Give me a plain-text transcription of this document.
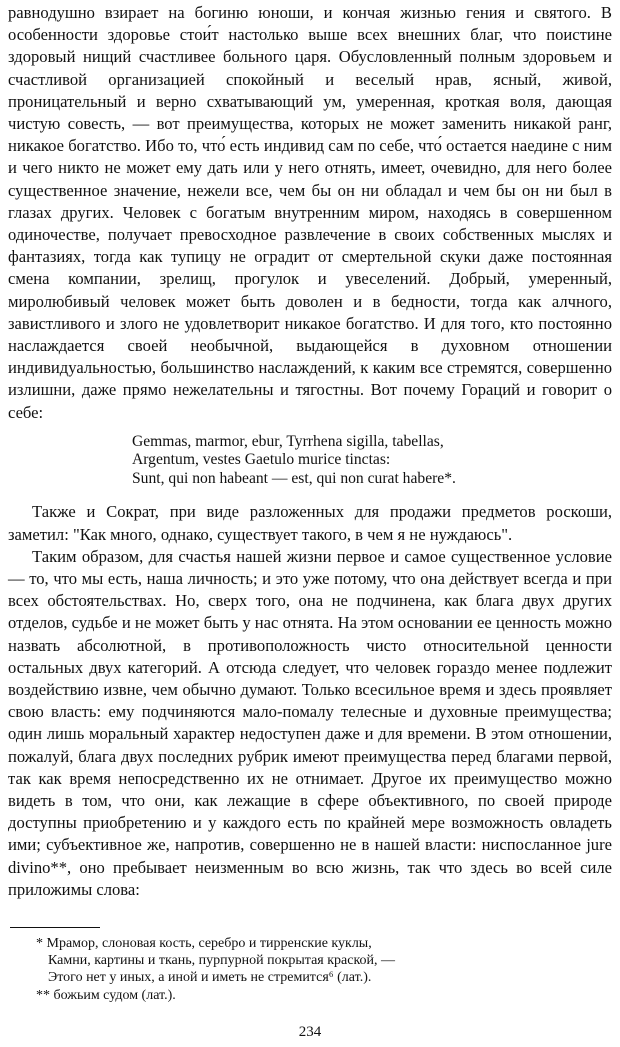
равнодушно взирает на богиню юноши, и кончая жизнью гения и святого. В особенности здоровье стои́т настолько выше всех внешних благ, что поистине здоровый нищий счастливее больного царя. Обусловленный полным здоровьем и счастливой организацией спокойный и веселый нрав, ясный, живой, проницательный и верно схватывающий ум, умеренная, кроткая воля, дающая чистую совесть, — вот преимущества, которых не может заменить никакой ранг, никакое богатство. Ибо то, что́ есть индивид сам по себе, что́ остается наедине с ним и чего никто не может ему дать или у него отнять, имеет, очевидно, для него более существенное значение, нежели все, чем бы он ни обладал и чем бы он ни был в глазах других. Человек с богатым внутренним миром, находясь в совершенном одиночестве, получает превосходное развлечение в своих собственных мыслях и фантазиях, тогда как тупицу не оградит от смертельной скуки даже постоянная смена компании, зрелищ, прогулок и увеселений. Добрый, умеренный, миролюбивый человек может быть доволен и в бедности, тогда как алчного, завистливого и злого не удовлетворит никакое богатство. И для того, кто постоянно наслаждается своей необычной, выдающейся в духовном отношении индивидуальностью, большинство наслаждений, к каким все стремятся, совершенно излишни, даже прямо нежелательны и тягостны. Вот почему Гораций и говорит о себе:

Gemmas, marmor, ebur, Tyrrhena sigilla, tabellas,
Argentum, vestes Gaetulo murice tinctas:
Sunt, qui non habeant — est, qui non curat habere*.

Также и Сократ, при виде разложенных для продажи предметов роскоши, заметил: "Как много, однако, существует такого, в чем я не нуждаюсь".

Таким образом, для счастья нашей жизни первое и самое существенное условие — то, что мы есть, наша личность; и это уже потому, что она действует всегда и при всех обстоятельствах. Но, сверх того, она не подчинена, как блага двух других отделов, судьбе и не может быть у нас отнята. На этом основании ее ценность можно назвать абсолютной, в противоположность чисто относительной ценности остальных двух категорий. А отсюда следует, что человек гораздо менее подлежит воздействию извне, чем обычно думают. Только всесильное время и здесь проявляет свою власть: ему подчиняются мало-помалу телесные и духовные преимущества; один лишь моральный характер недоступен даже и для времени. В этом отношении, пожалуй, блага двух последних рубрик имеют преимущества перед благами первой, так как время непосредственно их не отнимает. Другое их преимущество можно видеть в том, что они, как лежащие в сфере объективного, по своей природе доступны приобретению и у каждого есть по крайней мере возможность овладеть ими; субъективное же, напротив, совершенно не в нашей власти: ниспосланное jure divino**, оно пребывает неизменным во всю жизнь, так что здесь во всей силе приложимы слова:

* Мрамор, слоновая кость, серебро и тирренские куклы,
Камни, картины и ткань, пурпурной покрытая краской, —
Этого нет у иных, а иной и иметь не стремится⁶ (лат.).
** божьим судом (лат.).
234
